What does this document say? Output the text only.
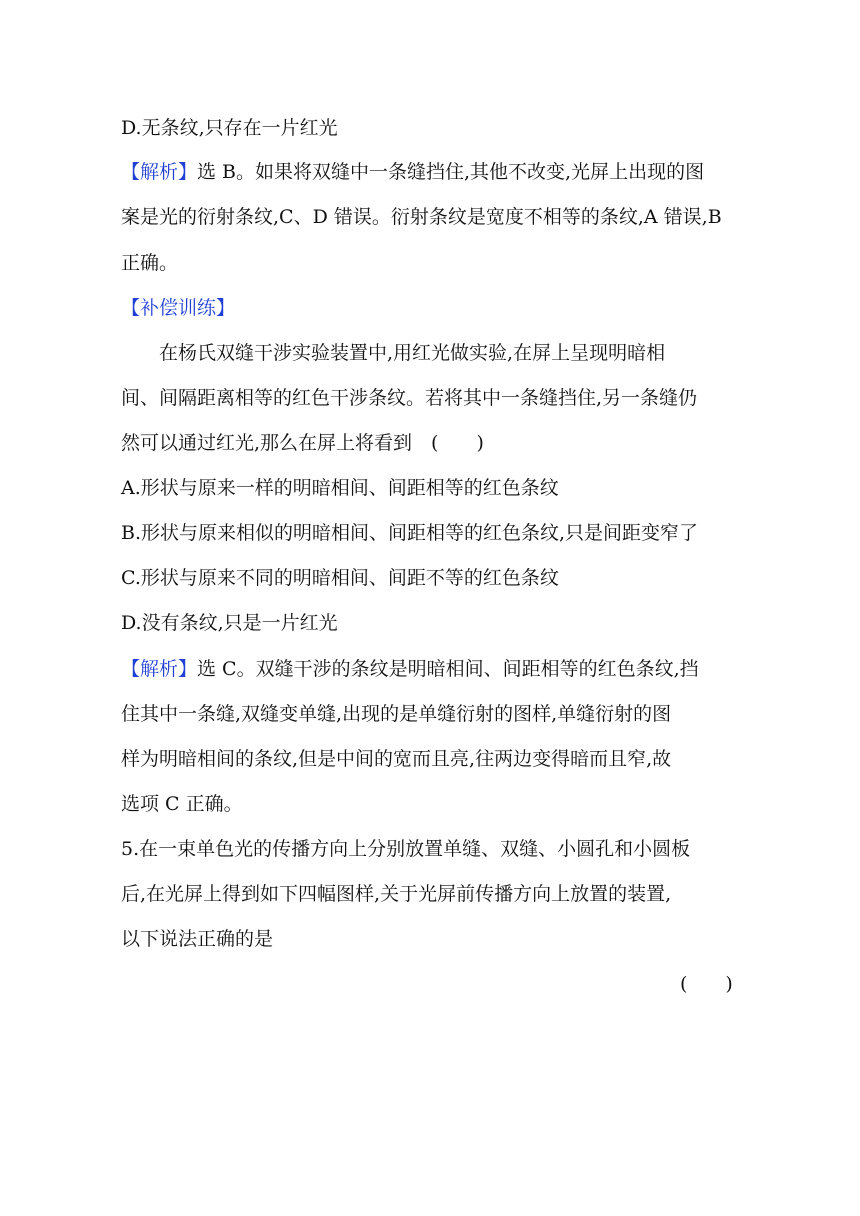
D.无条纹,只存在一片红光
【解析】选 B。如果将双缝中一条缝挡住,其他不改变,光屏上出现的图
案是光的衍射条纹,C、D 错误。衍射条纹是宽度不相等的条纹,A 错误,B
正确。
【补偿训练】
在杨氏双缝干涉实验装置中,用红光做实验,在屏上呈现明暗相
间、间隔距离相等的红色干涉条纹。若将其中一条缝挡住,另一条缝仍
然可以通过红光,那么在屏上将看到　(　　)
A.形状与原来一样的明暗相间、间距相等的红色条纹
B.形状与原来相似的明暗相间、间距相等的红色条纹,只是间距变窄了
C.形状与原来不同的明暗相间、间距不等的红色条纹
D.没有条纹,只是一片红光
【解析】选 C。双缝干涉的条纹是明暗相间、间距相等的红色条纹,挡
住其中一条缝,双缝变单缝,出现的是单缝衍射的图样,单缝衍射的图
样为明暗相间的条纹,但是中间的宽而且亮,往两边变得暗而且窄,故
选项 C 正确。
5.在一束单色光的传播方向上分别放置单缝、双缝、小圆孔和小圆板
后,在光屏上得到如下四幅图样,关于光屏前传播方向上放置的装置,
以下说法正确的是
(　　)
